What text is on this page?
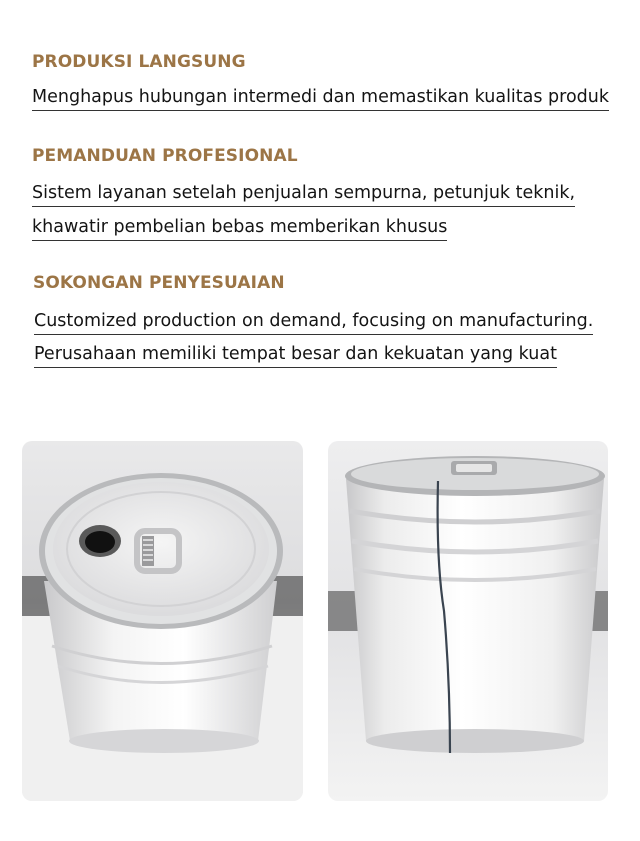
PRODUKSI LANGSUNG
Menghapus hubungan intermedi dan memastikan kualitas produk
PEMANDUAN PROFESIONAL
Sistem layanan setelah penjualan sempurna, petunjuk teknik,
khawatir pembelian bebas memberikan khusus
SOKONGAN PENYESUAIAN
Customized production on demand, focusing on manufacturing.
Perusahaan memiliki tempat besar dan kekuatan yang kuat
